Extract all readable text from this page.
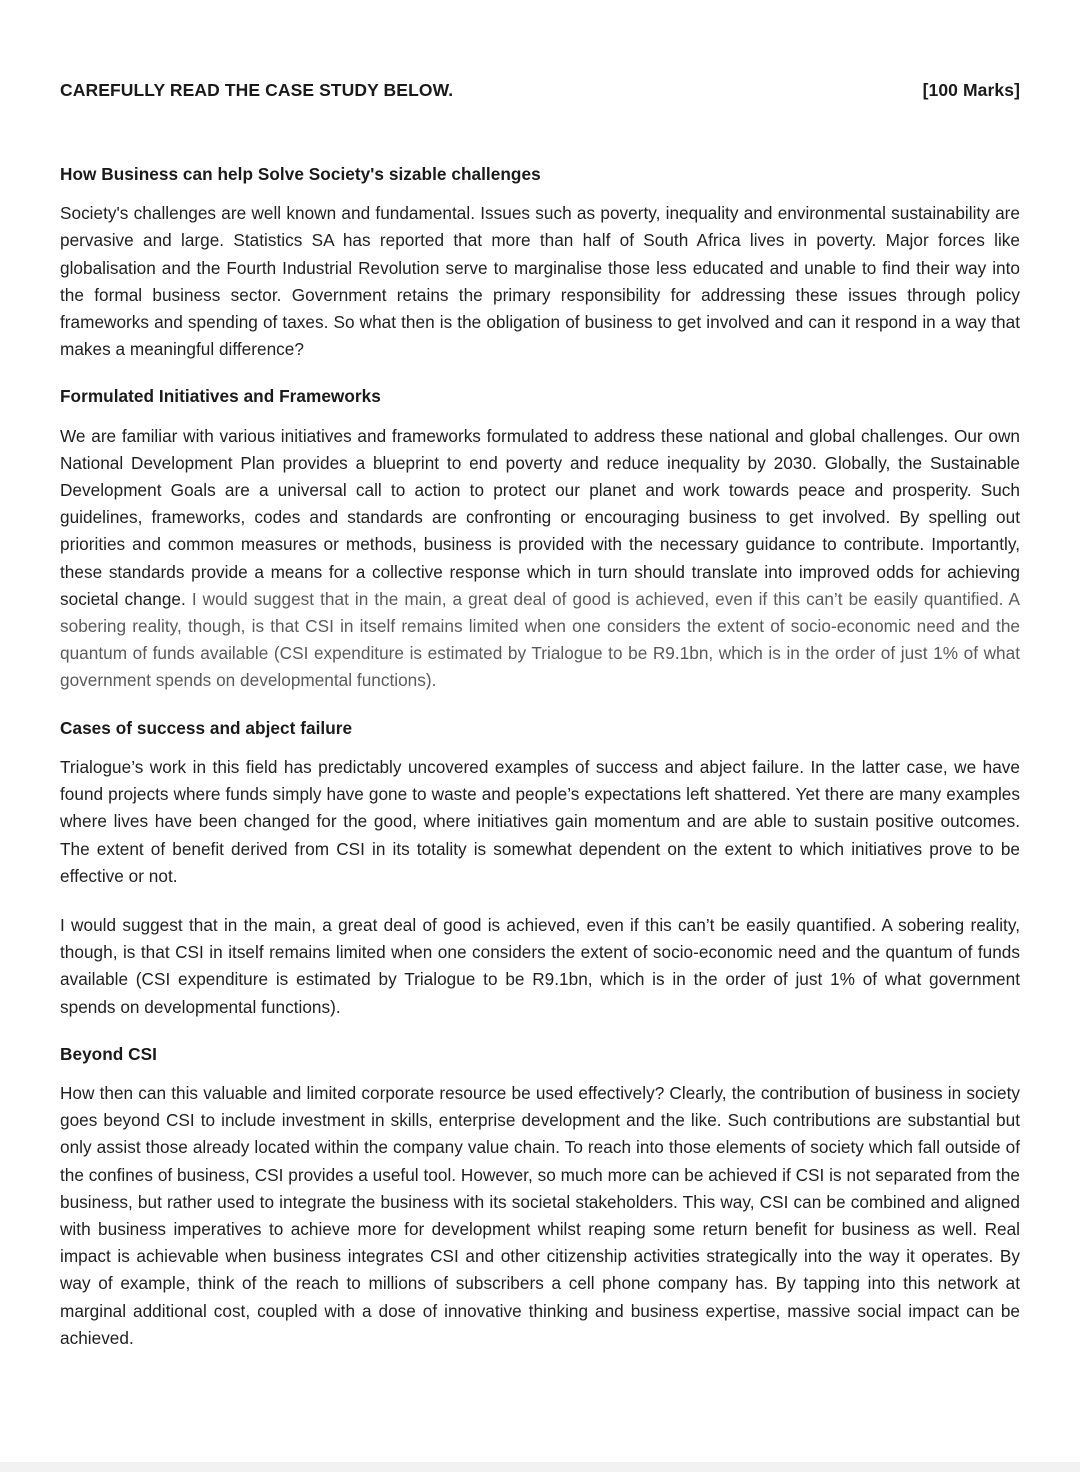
CAREFULLY READ THE CASE STUDY BELOW.	[100 Marks]
How Business can help Solve Society's sizable challenges

Society's challenges are well known and fundamental. Issues such as poverty, inequality and environmental sustainability are pervasive and large. Statistics SA has reported that more than half of South Africa lives in poverty. Major forces like globalisation and the Fourth Industrial Revolution serve to marginalise those less educated and unable to find their way into the formal business sector. Government retains the primary responsibility for addressing these issues through policy frameworks and spending of taxes. So what then is the obligation of business to get involved and can it respond in a way that makes a meaningful difference?

Formulated Initiatives and Frameworks

We are familiar with various initiatives and frameworks formulated to address these national and global challenges. Our own National Development Plan provides a blueprint to end poverty and reduce inequality by 2030. Globally, the Sustainable Development Goals are a universal call to action to protect our planet and work towards peace and prosperity. Such guidelines, frameworks, codes and standards are confronting or encouraging business to get involved. By spelling out priorities and common measures or methods, business is provided with the necessary guidance to contribute. Importantly, these standards provide a means for a collective response which in turn should translate into improved odds for achieving societal change. I would suggest that in the main, a great deal of good is achieved, even if this can’t be easily quantified. A sobering reality, though, is that CSI in itself remains limited when one considers the extent of socio-economic need and the quantum of funds available (CSI expenditure is estimated by Trialogue to be R9.1bn, which is in the order of just 1% of what government spends on developmental functions).

Cases of success and abject failure

Trialogue’s work in this field has predictably uncovered examples of success and abject failure. In the latter case, we have found projects where funds simply have gone to waste and people’s expectations left shattered. Yet there are many examples where lives have been changed for the good, where initiatives gain momentum and are able to sustain positive outcomes. The extent of benefit derived from CSI in its totality is somewhat dependent on the extent to which initiatives prove to be effective or not.

I would suggest that in the main, a great deal of good is achieved, even if this can’t be easily quantified. A sobering reality, though, is that CSI in itself remains limited when one considers the extent of socio-economic need and the quantum of funds available (CSI expenditure is estimated by Trialogue to be R9.1bn, which is in the order of just 1% of what government spends on developmental functions).

Beyond CSI

How then can this valuable and limited corporate resource be used effectively? Clearly, the contribution of business in society goes beyond CSI to include investment in skills, enterprise development and the like. Such contributions are substantial but only assist those already located within the company value chain. To reach into those elements of society which fall outside of the confines of business, CSI provides a useful tool. However, so much more can be achieved if CSI is not separated from the business, but rather used to integrate the business with its societal stakeholders. This way, CSI can be combined and aligned with business imperatives to achieve more for development whilst reaping some return benefit for business as well. Real impact is achievable when business integrates CSI and other citizenship activities strategically into the way it operates. By way of example, think of the reach to millions of subscribers a cell phone company has. By tapping into this network at marginal additional cost, coupled with a dose of innovative thinking and business expertise, massive social impact can be achieved.
